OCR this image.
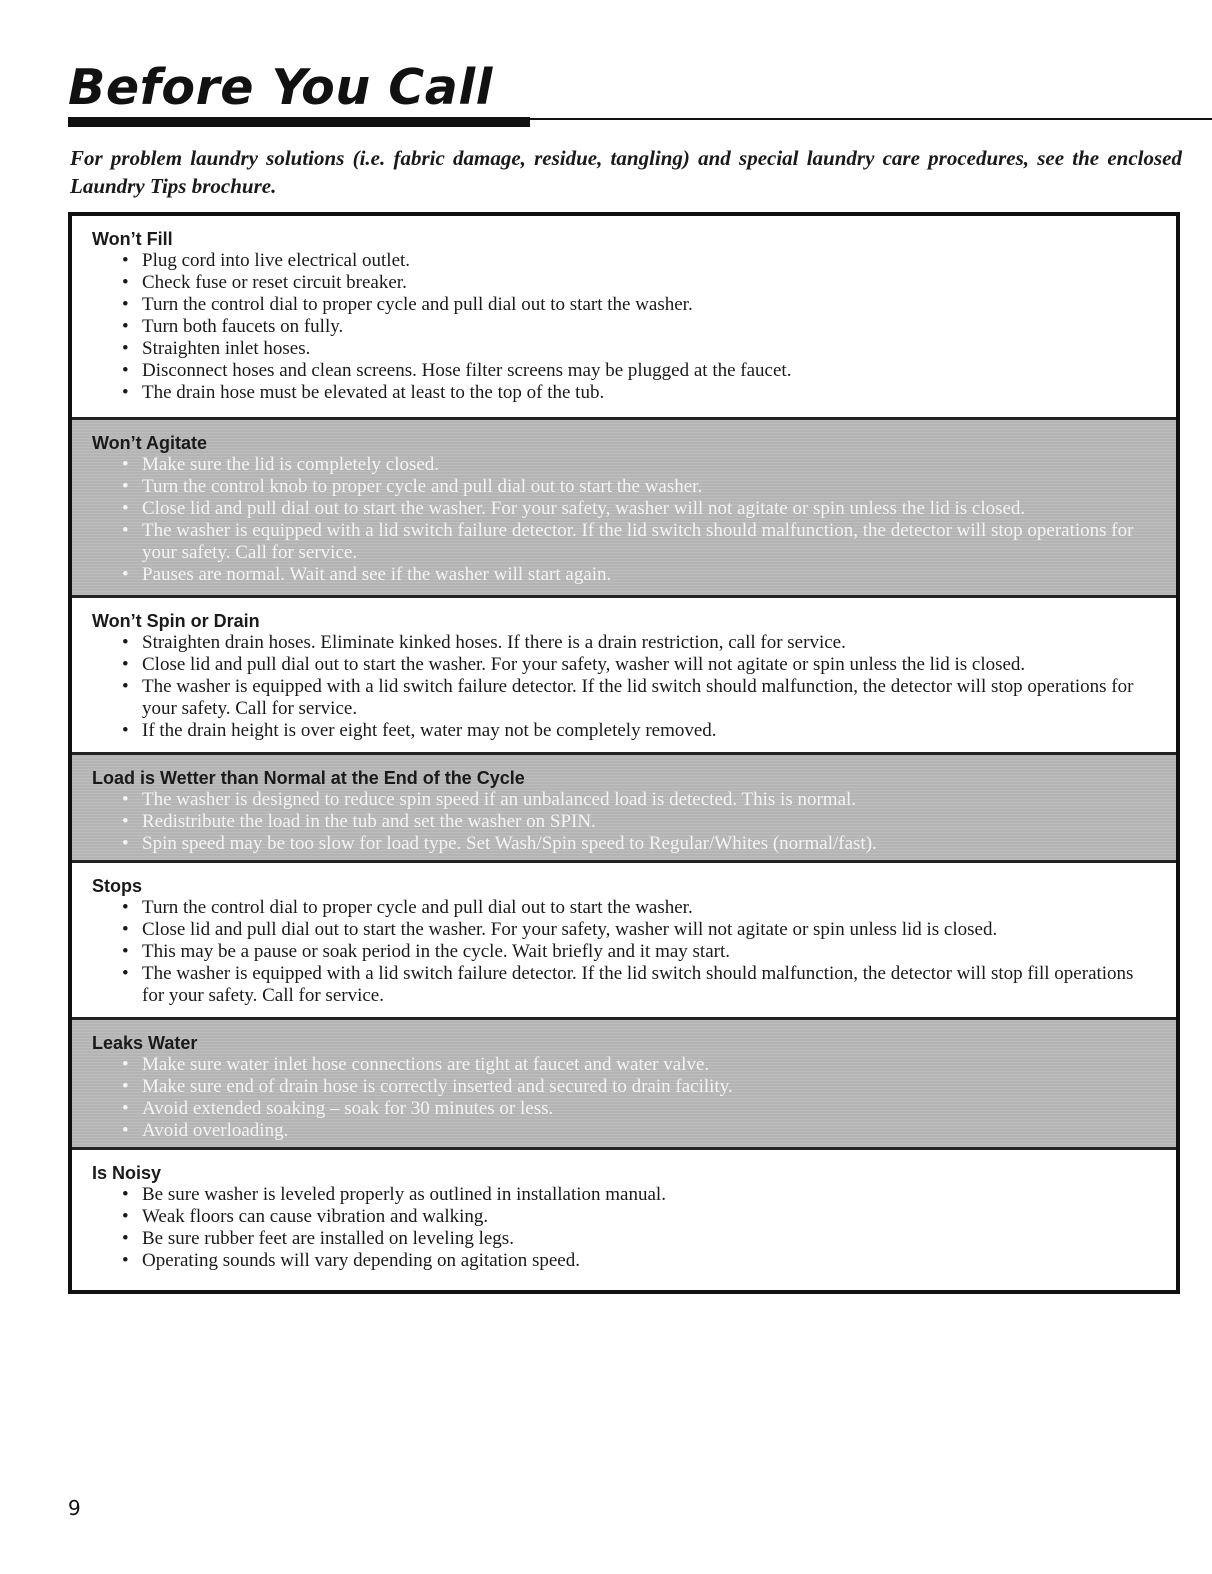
Before You Call

For problem laundry solutions (i.e. fabric damage, residue, tangling) and special laundry care procedures, see the enclosed Laundry Tips brochure.

Won’t Fill
• Plug cord into live electrical outlet.
• Check fuse or reset circuit breaker.
• Turn the control dial to proper cycle and pull dial out to start the washer.
• Turn both faucets on fully.
• Straighten inlet hoses.
• Disconnect hoses and clean screens. Hose filter screens may be plugged at the faucet.
• The drain hose must be elevated at least to the top of the tub.
Won’t Agitate
• Make sure the lid is completely closed.
• Turn the control knob to proper cycle and pull dial out to start the washer.
• Close lid and pull dial out to start the washer. For your safety, washer will not agitate or spin unless the lid is closed.
• The washer is equipped with a lid switch failure detector. If the lid switch should malfunction, the detector will stop operations for your safety. Call for service.
• Pauses are normal. Wait and see if the washer will start again.
Won’t Spin or Drain
• Straighten drain hoses. Eliminate kinked hoses. If there is a drain restriction, call for service.
• Close lid and pull dial out to start the washer. For your safety, washer will not agitate or spin unless the lid is closed.
• The washer is equipped with a lid switch failure detector. If the lid switch should malfunction, the detector will stop operations for your safety. Call for service.
• If the drain height is over eight feet, water may not be completely removed.
Load is Wetter than Normal at the End of the Cycle
• The washer is designed to reduce spin speed if an unbalanced load is detected. This is normal.
• Redistribute the load in the tub and set the washer on SPIN.
• Spin speed may be too slow for load type. Set Wash/Spin speed to Regular/Whites (normal/fast).
Stops
• Turn the control dial to proper cycle and pull dial out to start the washer.
• Close lid and pull dial out to start the washer. For your safety, washer will not agitate or spin unless lid is closed.
• This may be a pause or soak period in the cycle. Wait briefly and it may start.
• The washer is equipped with a lid switch failure detector. If the lid switch should malfunction, the detector will stop fill operations for your safety. Call for service.
Leaks Water
• Make sure water inlet hose connections are tight at faucet and water valve.
• Make sure end of drain hose is correctly inserted and secured to drain facility.
• Avoid extended soaking – soak for 30 minutes or less.
• Avoid overloading.
Is Noisy
• Be sure washer is leveled properly as outlined in installation manual.
• Weak floors can cause vibration and walking.
• Be sure rubber feet are installed on leveling legs.
• Operating sounds will vary depending on agitation speed.
9
